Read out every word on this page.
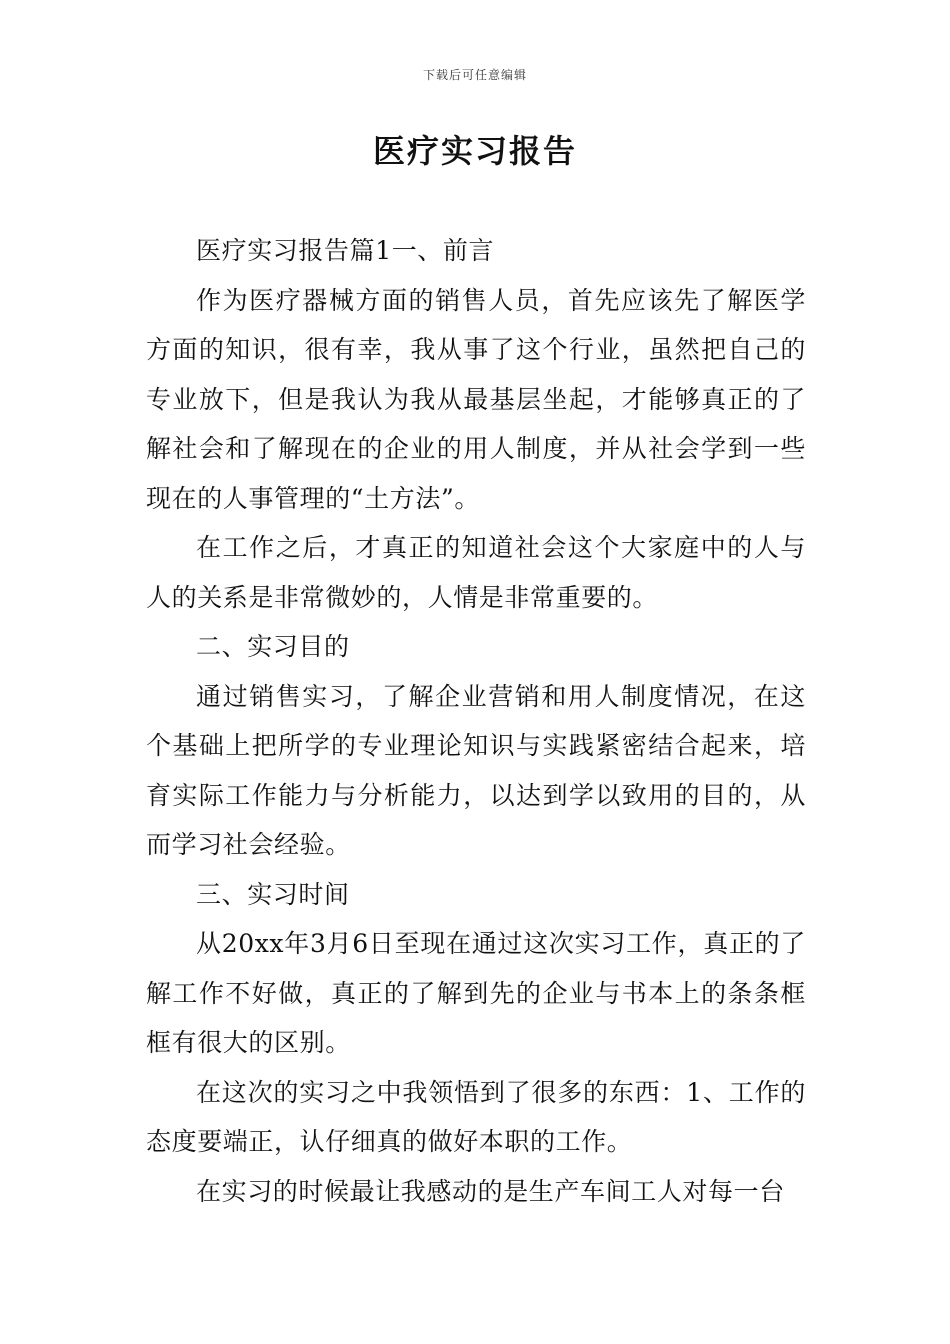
下载后可任意编辑
医疗实习报告

医疗实习报告篇1一、前言

作为医疗器械方面的销售人员，首先应该先了解医学方面的知识，很有幸，我从事了这个行业，虽然把自己的专业放下，但是我认为我从最基层坐起，才能够真正的了解社会和了解现在的企业的用人制度，并从社会学到一些现在的人事管理的“土方法”。

在工作之后，才真正的知道社会这个大家庭中的人与人的关系是非常微妙的，人情是非常重要的。

二、实习目的

通过销售实习，了解企业营销和用人制度情况，在这个基础上把所学的专业理论知识与实践紧密结合起来，培育实际工作能力与分析能力，以达到学以致用的目的，从而学习社会经验。

三、实习时间

从20xx年3月6日至现在通过这次实习工作，真正的了解工作不好做，真正的了解到先的企业与书本上的条条框框有很大的区别。

在这次的实习之中我领悟到了很多的东西：1、工作的态度要端正，认仔细真的做好本职的工作。

在实习的时候最让我感动的是生产车间工人对每一台
